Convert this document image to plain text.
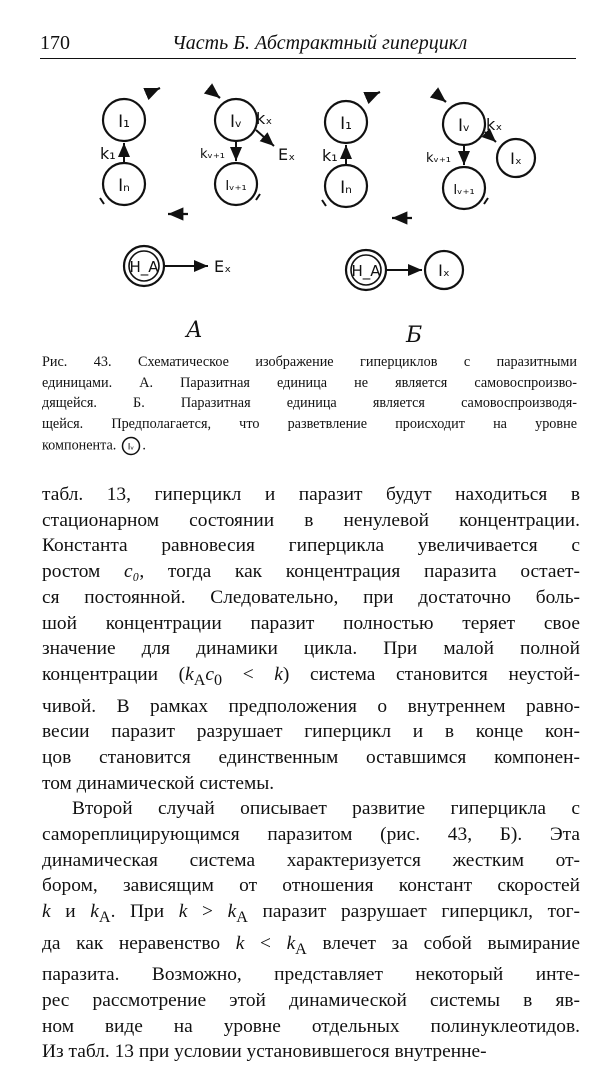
170	Часть Б. Абстрактный гиперцикл
I₁
Iₙ
Iᵥ
Iᵥ₊₁
k₁	kᵥ₊₁
kₓ
Eₓ
H_A	Eₓ
А
I₁
Iₙ
Iᵥ
Iᵥ₊₁
k₁	kᵥ₊₁
kₓ
Iₓ
H_A	Iₓ
Б
Рис. 43. Схематическое изображение гиперциклов с паразитными
единицами. А. Паразитная единица не является самовоспроизво-
дящейся. Б. Паразитная единица является самовоспроизводя-
щейся. Предполагается, что разветвление происходит на уровне
компонента. Iᵥ .
табл. 13, гиперцикл и паразит будут находиться в
стационарном состоянии в ненулевой концентрации.
Константа равновесия гиперцикла увеличивается с
ростом c₀, тогда как концентрация паразита остает-
ся постоянной. Следовательно, при достаточно боль-
шой концентрации паразит полностью теряет свое
значение для динамики цикла. При малой полной
концентрации $(k_Ac_0 < k)$ система становится неустой-
чивой. В рамках предположения о внутреннем равно-
весии паразит разрушает гиперцикл и в конце кон-
цов становится единственным оставшимся компонен-
том динамической системы.
Второй случай описывает развитие гиперцикла с
самореплицирующимся паразитом (рис. 43, Б). Эта
динамическая система характеризуется жестким от-
бором, зависящим от отношения констант скоростей
k и $k_A$. При $k > k_A$ паразит разрушает гиперцикл, тог-
да как неравенство $k < k_A$ влечет за собой вымирание
паразита. Возможно, представляет некоторый инте-
рес рассмотрение этой динамической системы в яв-
ном виде на уровне отдельных полинуклеотидов.
Из табл. 13 при условии установившегося внутренне-
